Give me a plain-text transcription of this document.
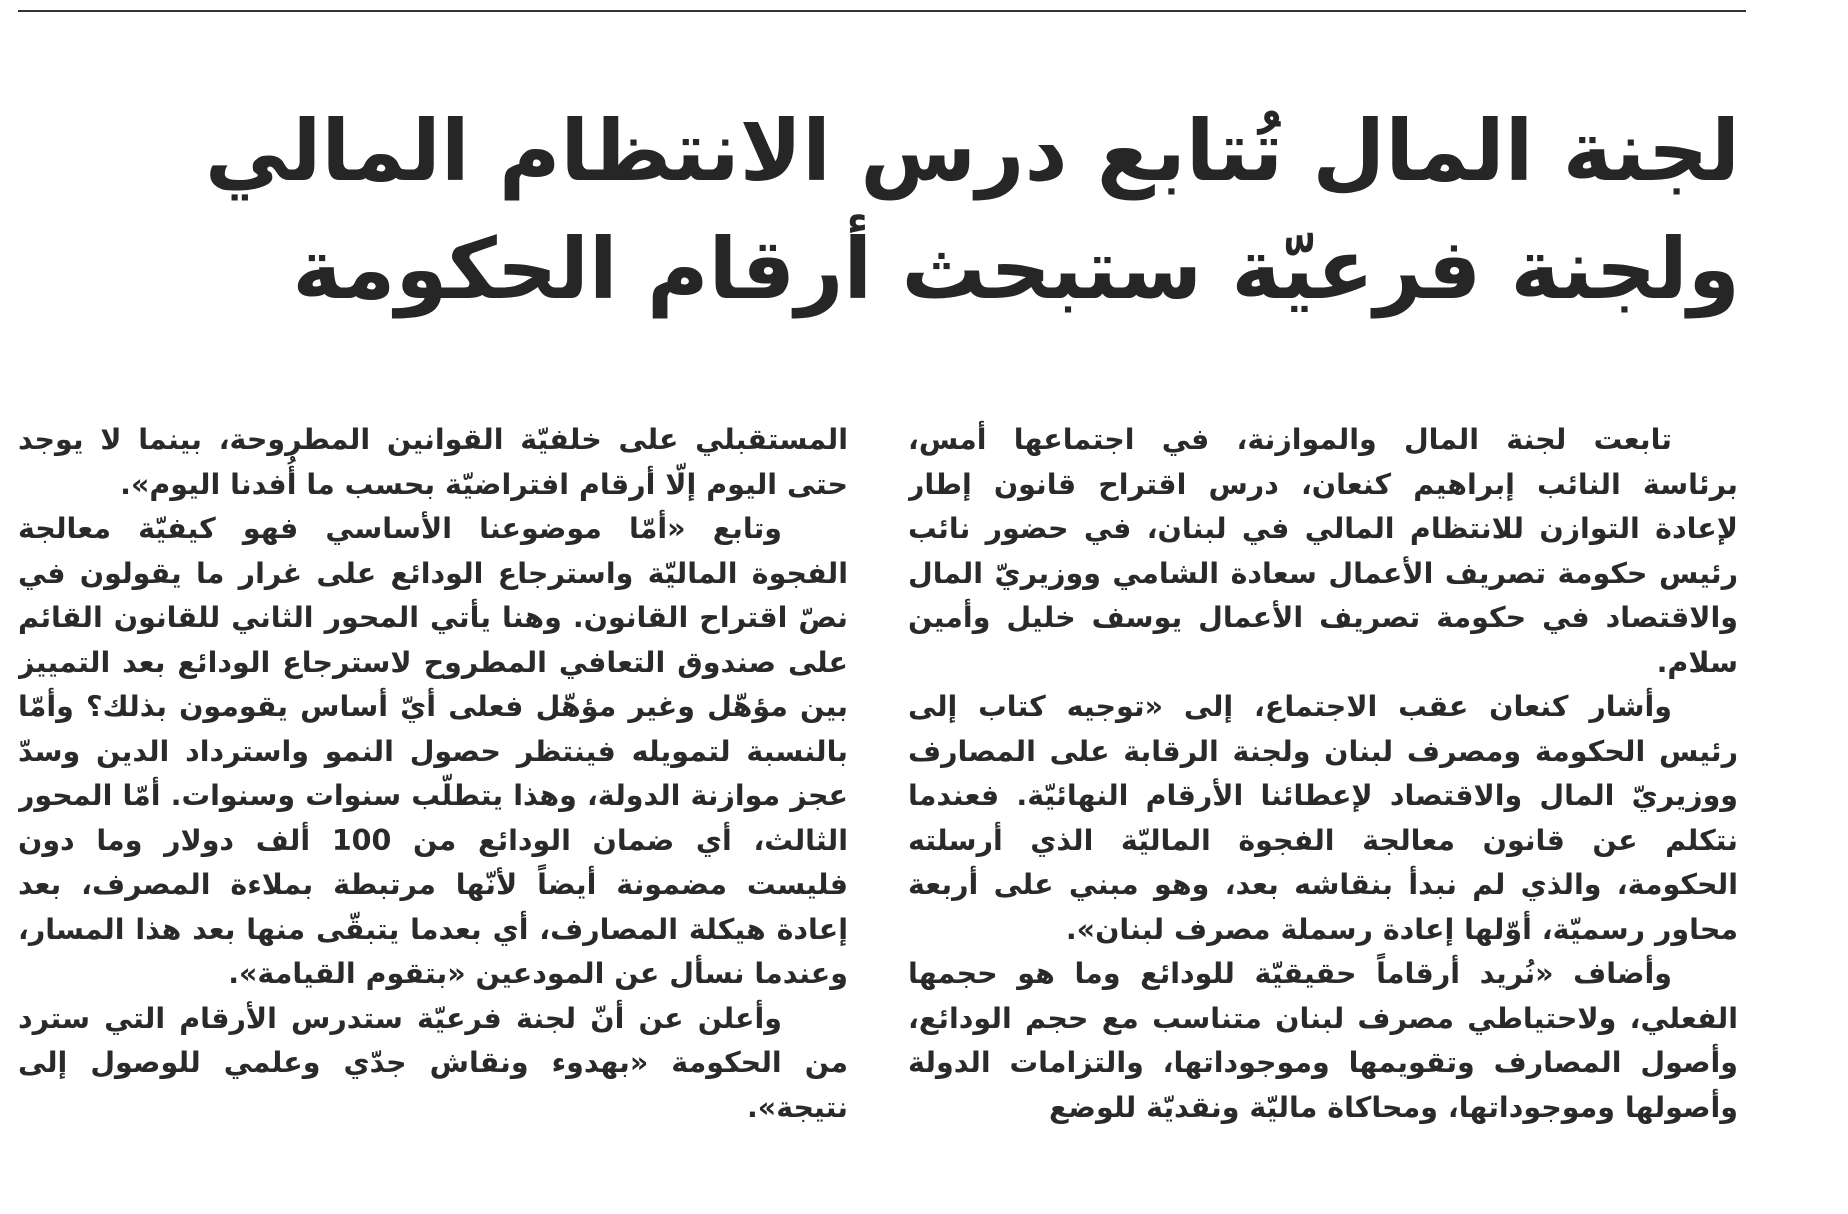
لجنة المال تُتابع درس الانتظام المالي
ولجنة فرعيّة ستبحث أرقام الحكومة

تابعت لجنة المال والموازنة، في اجتماعها أمس، برئاسة النائب إبراهيم كنعان، درس اقتراح قانون إطار لإعادة التوازن للانتظام المالي في لبنان، في حضور نائب رئيس حكومة تصريف الأعمال سعادة الشامي ووزيريّ المال والاقتصاد في حكومة تصريف الأعمال يوسف خليل وأمين سلام.

وأشار كنعان عقب الاجتماع، إلى «توجيه كتاب إلى رئيس الحكومة ومصرف لبنان ولجنة الرقابة على المصارف ووزيريّ المال والاقتصاد لإعطائنا الأرقام النهائيّة. فعندما نتكلم عن قانون معالجة الفجوة الماليّة الذي أرسلته الحكومة، والذي لم نبدأ بنقاشه بعد، وهو مبني على أربعة محاور رسميّة، أوّلها إعادة رسملة مصرف لبنان».

وأضاف «نُريد أرقاماً حقيقيّة للودائع وما هو حجمها الفعلي، ولاحتياطي مصرف لبنان متناسب مع حجم الودائع، وأصول المصارف وتقويمها وموجوداتها، والتزامات الدولة وأصولها وموجوداتها، ومحاكاة ماليّة ونقديّة للوضع

المستقبلي على خلفيّة القوانين المطروحة، بينما لا يوجد حتى اليوم إلّا أرقام افتراضيّة بحسب ما أُفدنا اليوم».

وتابع «أمّا موضوعنا الأساسي فهو كيفيّة معالجة الفجوة الماليّة واسترجاع الودائع على غرار ما يقولون في نصّ اقتراح القانون. وهنا يأتي المحور الثاني للقانون القائم على صندوق التعافي المطروح لاسترجاع الودائع بعد التمييز بين مؤهّل وغير مؤهّل فعلى أيّ أساس يقومون بذلك؟ وأمّا بالنسبة لتمويله فينتظر حصول النمو واسترداد الدين وسدّ عجز موازنة الدولة، وهذا يتطلّب سنوات وسنوات. أمّا المحور الثالث، أي ضمان الودائع من 100 ألف دولار وما دون فليست مضمونة أيضاً لأنّها مرتبطة بملاءة المصرف، بعد إعادة هيكلة المصارف، أي بعدما يتبقّى منها بعد هذا المسار، وعندما نسأل عن المودعين «بتقوم القيامة».

وأعلن عن أنّ لجنة فرعيّة ستدرس الأرقام التي سترد من الحكومة «بهدوء ونقاش جدّي وعلمي للوصول إلى نتيجة».
